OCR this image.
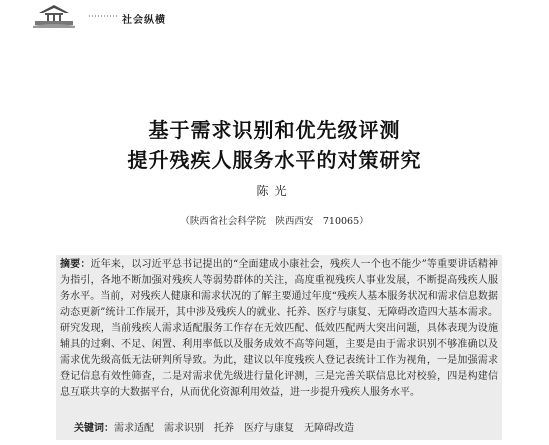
·········· 社会纵横
基于需求识别和优先级评测
提升残疾人服务水平的对策研究
陈光
（陕西省社会科学院　陕西西安　710065）

摘要：近年来，以习近平总书记提出的“全面建成小康社会，残疾人一个也不能少”等重要讲话精神为指引，各地不断加强对残疾人等弱势群体的关注，高度重视残疾人事业发展，不断提高残疾人服务水平。当前，对残疾人健康和需求状况的了解主要通过年度“残疾人基本服务状况和需求信息数据动态更新”统计工作展开，其中涉及残疾人的就业、托养、医疗与康复、无障碍改造四大基本需求。研究发现，当前残疾人需求适配服务工作存在无效匹配、低效匹配两大突出问题，具体表现为设施辅具的过剩、不足、闲置、利用率低以及服务成效不高等问题，主要是由于需求识别不够准确以及需求优先级高低无法研判所导致。为此，建议以年度残疾人登记表统计工作为视角，一是加强需求登记信息有效性筛查，二是对需求优先级进行量化评测，三是完善关联信息比对校验，四是构建信息互联共享的大数据平台，从而优化资源利用效益，进一步提升残疾人服务水平。

关键词：需求适配　需求识别　托养　医疗与康复　无障碍改造
